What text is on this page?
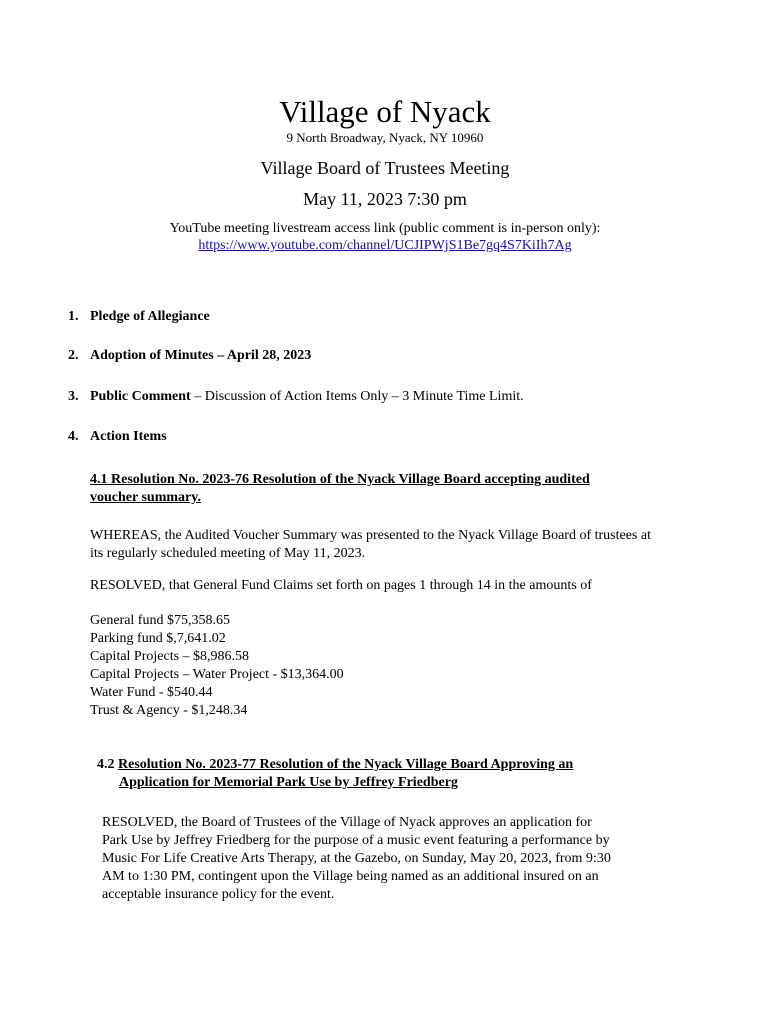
Village of Nyack
9 North Broadway, Nyack, NY 10960
Village Board of Trustees Meeting
May 11, 2023 7:30 pm
YouTube meeting livestream access link (public comment is in-person only):
https://www.youtube.com/channel/UCJIPWjS1Be7gq4S7KiIh7Ag
1. Pledge of Allegiance
2. Adoption of Minutes – April 28, 2023
3. Public Comment – Discussion of Action Items Only – 3 Minute Time Limit.
4. Action Items
4.1 Resolution No. 2023-76 Resolution of the Nyack Village Board accepting audited
voucher summary.
WHEREAS, the Audited Voucher Summary was presented to the Nyack Village Board of trustees at
its regularly scheduled meeting of May 11, 2023.
RESOLVED, that General Fund Claims set forth on pages 1 through 14 in the amounts of
General fund $75,358.65
Parking fund $,7,641.02
Capital Projects – $8,986.58
Capital Projects – Water Project - $13,364.00
Water Fund - $540.44
Trust & Agency - $1,248.34
4.2 Resolution No. 2023-77 Resolution of the Nyack Village Board Approving an
Application for Memorial Park Use by Jeffrey Friedberg
RESOLVED, the Board of Trustees of the Village of Nyack approves an application for
Park Use by Jeffrey Friedberg for the purpose of a music event featuring a performance by
Music For Life Creative Arts Therapy, at the Gazebo, on Sunday, May 20, 2023, from 9:30
AM to 1:30 PM, contingent upon the Village being named as an additional insured on an
acceptable insurance policy for the event.
